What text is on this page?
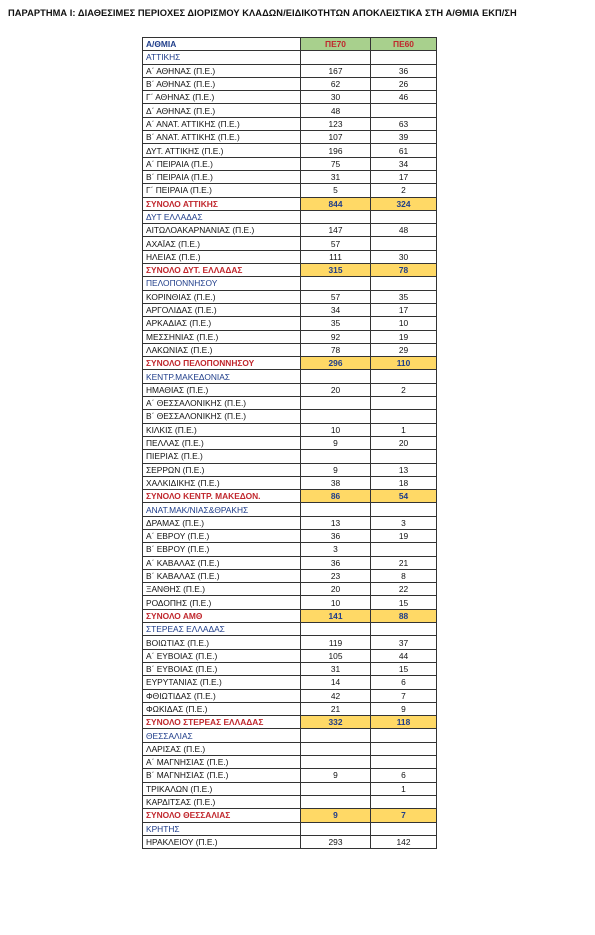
ΠΑΡΑΡΤΗΜΑ Ι: ΔΙΑΘΕΣΙΜΕΣ ΠΕΡΙΟΧΕΣ ΔΙΟΡΙΣΜΟΥ ΚΛΑΔΩΝ/ΕΙΔΙΚΟΤΗΤΩΝ ΑΠΟΚΛΕΙΣΤΙΚΑ ΣΤΗ Α/ΘΜΙΑ ΕΚΠ/ΣΗ
Α/ΘΜΙΑ	ΠΕ70	ΠΕ60
ΑΤΤΙΚΗΣ		
Α΄ ΑΘΗΝΑΣ (Π.Ε.)	167	36
Β΄ ΑΘΗΝΑΣ (Π.Ε.)	62	26
Γ΄ ΑΘΗΝΑΣ (Π.Ε.)	30	46
Δ΄ ΑΘΗΝΑΣ (Π.Ε.)	48	
Α΄ ΑΝΑΤ. ΑΤΤΙΚΗΣ (Π.Ε.)	123	63
Β΄ ΑΝΑΤ. ΑΤΤΙΚΗΣ (Π.Ε.)	107	39
ΔΥΤ. ΑΤΤΙΚΗΣ (Π.Ε.)	196	61
Α΄ ΠΕΙΡΑΙΑ (Π.Ε.)	75	34
Β΄ ΠΕΙΡΑΙΑ (Π.Ε.)	31	17
Γ΄ ΠΕΙΡΑΙΑ (Π.Ε.)	5	2
ΣΥΝΟΛΟ ΑΤΤΙΚΗΣ	844	324
ΔΥΤ ΕΛΛΑΔΑΣ		
ΑΙΤΩΛΟΑΚΑΡΝΑΝΙΑΣ (Π.Ε.)	147	48
ΑΧΑΪΑΣ (Π.Ε.)	57	
ΗΛΕΙΑΣ (Π.Ε.)	111	30
ΣΥΝΟΛΟ ΔΥΤ. ΕΛΛΑΔΑΣ	315	78
ΠΕΛΟΠΟΝΝΗΣΟΥ		
ΚΟΡΙΝΘΙΑΣ (Π.Ε.)	57	35
ΑΡΓΟΛΙΔΑΣ (Π.Ε.)	34	17
ΑΡΚΑΔΙΑΣ (Π.Ε.)	35	10
ΜΕΣΣΗΝΙΑΣ (Π.Ε.)	92	19
ΛΑΚΩΝΙΑΣ (Π.Ε.)	78	29
ΣΥΝΟΛΟ ΠΕΛΟΠΟΝΝΗΣΟΥ	296	110
ΚΕΝΤΡ.ΜΑΚΕΔΟΝΙΑΣ		
ΗΜΑΘΙΑΣ (Π.Ε.)	20	2
Α΄ ΘΕΣΣΑΛΟΝΙΚΗΣ (Π.Ε.)		
Β΄ ΘΕΣΣΑΛΟΝΙΚΗΣ (Π.Ε.)		
ΚΙΛΚΙΣ (Π.Ε.)	10	1
ΠΕΛΛΑΣ (Π.Ε.)	9	20
ΠΙΕΡΙΑΣ (Π.Ε.)		
ΣΕΡΡΩΝ (Π.Ε.)	9	13
ΧΑΛΚΙΔΙΚΗΣ (Π.Ε.)	38	18
ΣΥΝΟΛΟ ΚΕΝΤΡ. ΜΑΚΕΔΟΝ.	86	54
ΑΝΑΤ.ΜΑΚ/ΝΙΑΣ&ΘΡΑΚΗΣ		
ΔΡΑΜΑΣ (Π.Ε.)	13	3
Α΄ ΕΒΡΟΥ (Π.Ε.)	36	19
Β΄ ΕΒΡΟΥ (Π.Ε.)	3	
Α΄ ΚΑΒΑΛΑΣ (Π.Ε.)	36	21
Β΄ ΚΑΒΑΛΑΣ (Π.Ε.)	23	8
ΞΑΝΘΗΣ (Π.Ε.)	20	22
ΡΟΔΟΠΗΣ (Π.Ε.)	10	15
ΣΥΝΟΛΟ ΑΜΘ	141	88
ΣΤΕΡΕΑΣ ΕΛΛΑΔΑΣ		
ΒΟΙΩΤΙΑΣ (Π.Ε.)	119	37
Α΄ ΕΥΒΟΙΑΣ (Π.Ε.)	105	44
Β΄ ΕΥΒΟΙΑΣ (Π.Ε.)	31	15
ΕΥΡΥΤΑΝΙΑΣ (Π.Ε.)	14	6
ΦΘΙΩΤΙΔΑΣ (Π.Ε.)	42	7
ΦΩΚΙΔΑΣ (Π.Ε.)	21	9
ΣΥΝΟΛΟ ΣΤΕΡΕΑΣ ΕΛΛΑΔΑΣ	332	118
ΘΕΣΣΑΛΙΑΣ		
ΛΑΡΙΣΑΣ (Π.Ε.)		
Α΄ ΜΑΓΝΗΣΙΑΣ (Π.Ε.)		
Β΄ ΜΑΓΝΗΣΙΑΣ (Π.Ε.)	9	6
ΤΡΙΚΑΛΩΝ (Π.Ε.)		1
ΚΑΡΔΙΤΣΑΣ (Π.Ε.)		
ΣΥΝΟΛΟ ΘΕΣΣΑΛΙΑΣ	9	7
ΚΡΗΤΗΣ		
ΗΡΑΚΛΕΙΟΥ (Π.Ε.)	293	142
